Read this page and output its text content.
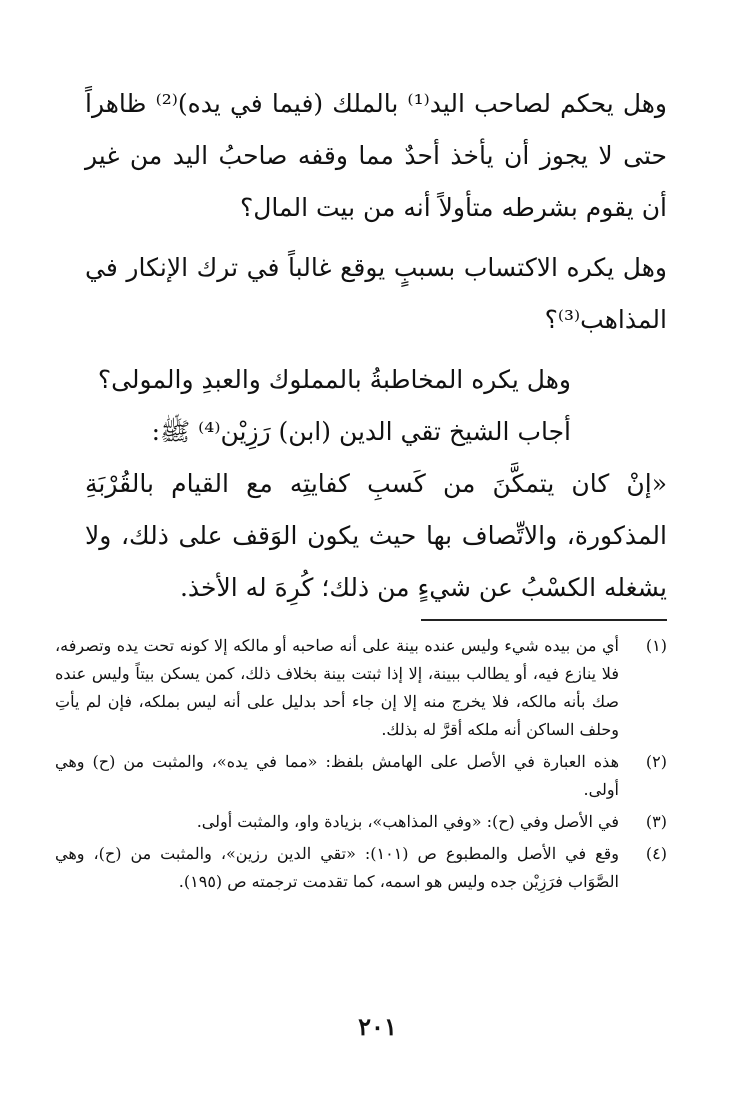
وهل يحكم لصاحب اليد⁽¹⁾ بالملك (فيما في يده)⁽²⁾ ظاهراً حتى لا يجوز أن يأخذ أحدٌ مما وقفه صاحبُ اليد من غير أن يقوم بشرطه متأولاً أنه من بيت المال؟

وهل يكره الاكتساب بسببٍ يوقع غالباً في ترك الإنكار في المذاهب⁽³⁾؟

وهل يكره المخاطبةُ بالمملوك والعبدِ والمولى؟

أجاب الشيخ تقي الدين (ابن) رَزِيْن⁽⁴⁾ ﷺ:

«إنْ كان يتمكَّنَ من كَسبِ كفايتِه مع القيام بالقُرْبَةِ المذكورة، والاتِّصاف بها حيث يكون الوَقف على ذلك، ولا يشغله الكسْبُ عن شيءٍ من ذلك؛ كُرِهَ له الأخذ.

(١)
أي من بيده شيء وليس عنده بينة على أنه صاحبه أو مالكه إلا كونه تحت يده وتصرفه، فلا ينازع فيه، أو يطالب ببينة، إلا إذا ثبتت بينة بخلاف ذلك، كمن يسكن بيتاً وليس عنده صك بأنه مالكه، فلا يخرج منه إلا إن جاء أحد بدليل على أنه ليس بملكه، فإن لم يأتِ وحلف الساكن أنه ملكه أقرَّ له بذلك.
(٢)
هذه العبارة في الأصل على الهامش بلفظ: «مما في يده»، والمثبت من (ح) وهي أولى.
(٣)
في الأصل وفي (ح): «وفي المذاهب»، بزيادة واو، والمثبت أولى.
(٤)
وقع في الأصل والمطبوع ص (١٠١): «تقي الدين رزين»، والمثبت من (ح)، وهي الصَّوَاب فرَزِيْن جده وليس هو اسمه، كما تقدمت ترجمته ص (١٩٥).
٢٠١
